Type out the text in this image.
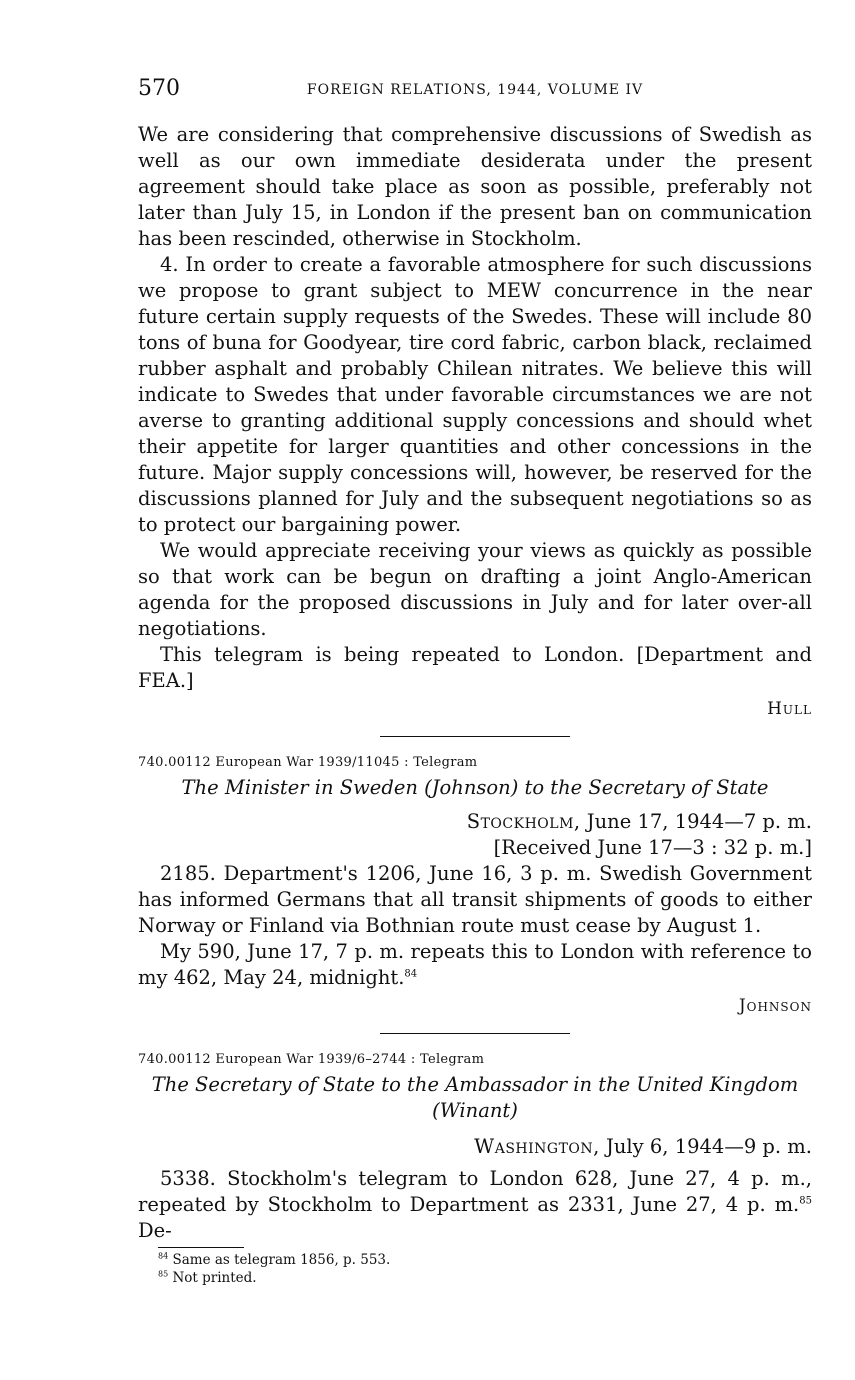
570	FOREIGN RELATIONS, 1944, VOLUME IV

We are considering that comprehensive discussions of Swedish as well as our own immediate desiderata under the present agreement should take place as soon as possible, preferably not later than July 15, in London if the present ban on communication has been rescinded, otherwise in Stockholm.

4. In order to create a favorable atmosphere for such discussions we propose to grant subject to MEW concurrence in the near future certain supply requests of the Swedes. These will include 80 tons of buna for Goodyear, tire cord fabric, carbon black, reclaimed rubber asphalt and probably Chilean nitrates. We believe this will indicate to Swedes that under favorable circumstances we are not averse to granting additional supply concessions and should whet their appetite for larger quantities and other concessions in the future. Major supply concessions will, however, be reserved for the discussions planned for July and the subsequent negotiations so as to protect our bargaining power.

We would appreciate receiving your views as quickly as possible so that work can be begun on drafting a joint Anglo-American agenda for the proposed discussions in July and for later over-all negotiations.

This telegram is being repeated to London. [Department and FEA.]

Hull
740.00112 European War 1939/11045 : Telegram
The Minister in Sweden (Johnson) to the Secretary of State
Stockholm, June 17, 1944—7 p. m.
[Received June 17—3 : 32 p. m.]

2185. Department's 1206, June 16, 3 p. m. Swedish Government has informed Germans that all transit shipments of goods to either Norway or Finland via Bothnian route must cease by August 1.

My 590, June 17, 7 p. m. repeats this to London with reference to my 462, May 24, midnight.$^{84}$

Johnson
740.00112 European War 1939/6–2744 : Telegram
The Secretary of State to the Ambassador in the United Kingdom
(Winant)
Washington, July 6, 1944—9 p. m.

5338. Stockholm's telegram to London 628, June 27, 4 p. m., repeated by Stockholm to Department as 2331, June 27, 4 p. m.$^{85}$ De-

$^{84}$ Same as telegram 1856, p. 553.
$^{85}$ Not printed.
